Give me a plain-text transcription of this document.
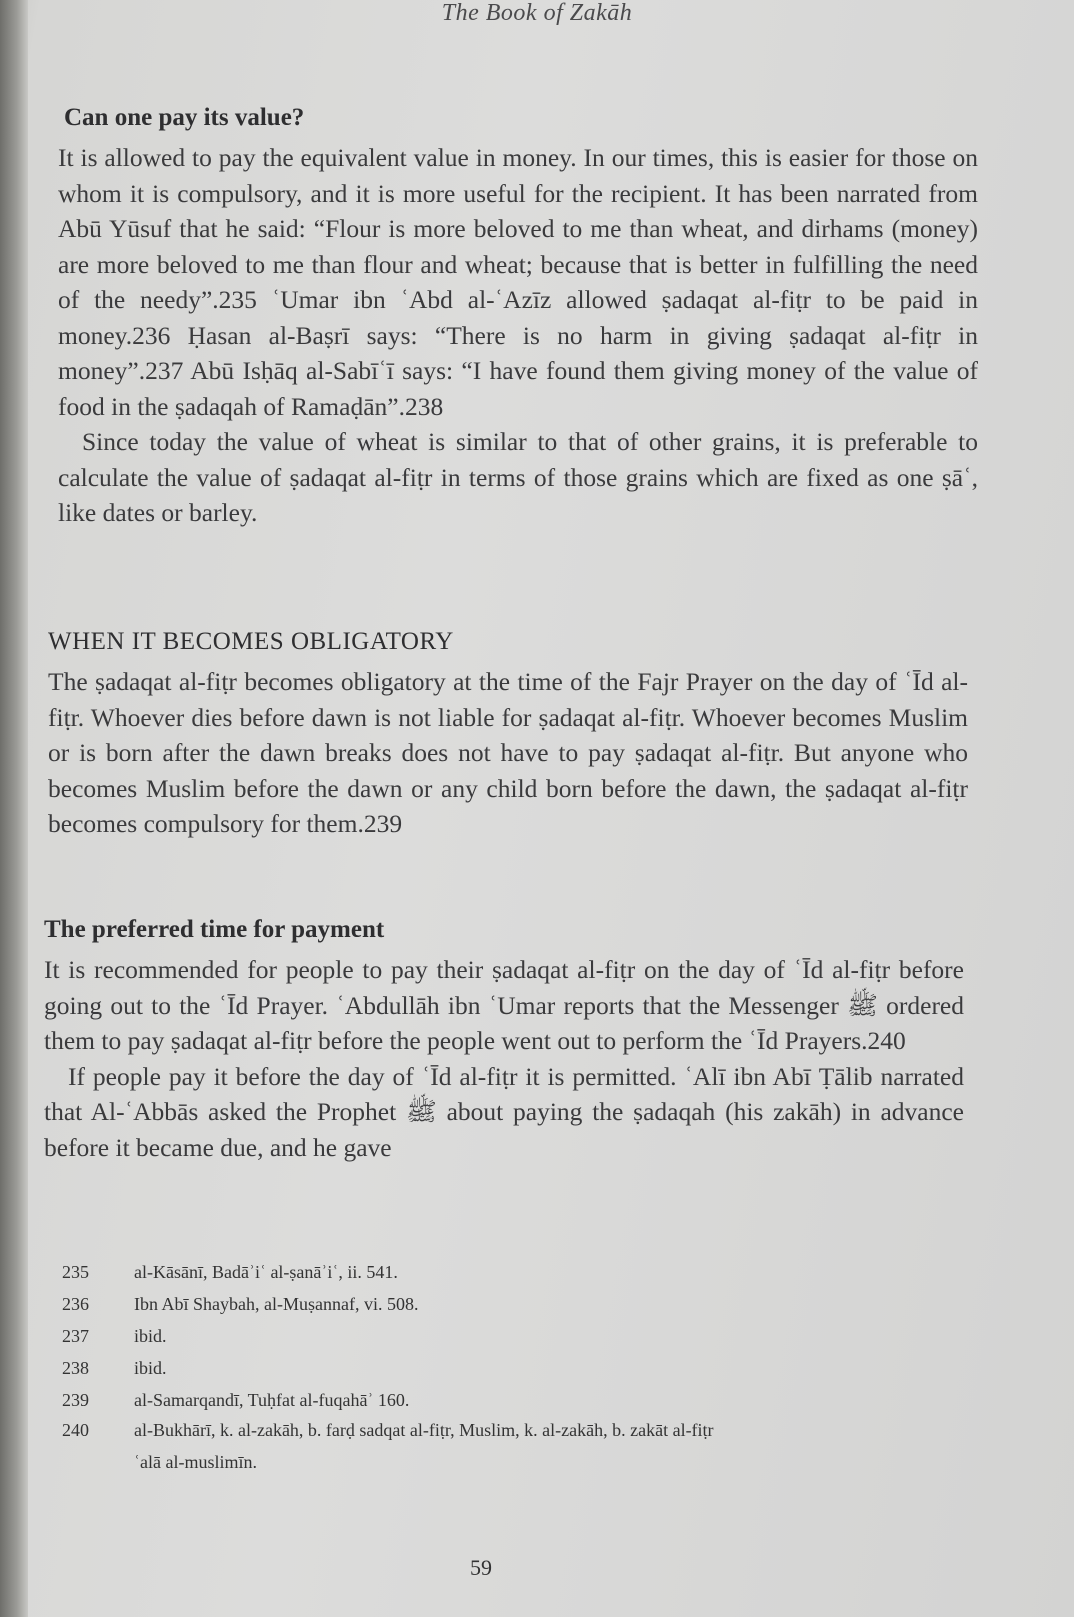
The Book of Zakāh
Can one pay its value?

It is allowed to pay the equivalent value in money. In our times, this is easier for those on whom it is compulsory, and it is more useful for the recipient. It has been narrated from Abū Yūsuf that he said: “Flour is more beloved to me than wheat, and dirhams (money) are more beloved to me than flour and wheat; because that is better in fulfilling the need of the needy”.235 ʿUmar ibn ʿAbd al-ʿAzīz allowed ṣadaqat al-fiṭr to be paid in money.236 Ḥasan al-Baṣrī says: “There is no harm in giving ṣadaqat al-fiṭr in money”.237 Abū Isḥāq al-Sabīʿī says: “I have found them giving money of the value of food in the ṣadaqah of Ramaḍān”.238

Since today the value of wheat is similar to that of other grains, it is preferable to calculate the value of ṣadaqat al-fiṭr in terms of those grains which are fixed as one ṣāʿ, like dates or barley.

WHEN IT BECOMES OBLIGATORY

The ṣadaqat al-fiṭr becomes obligatory at the time of the Fajr Prayer on the day of ʿĪd al-fiṭr. Whoever dies before dawn is not liable for ṣadaqat al-fiṭr. Whoever becomes Muslim or is born after the dawn breaks does not have to pay ṣadaqat al-fiṭr. But anyone who becomes Muslim before the dawn or any child born before the dawn, the ṣadaqat al-fiṭr becomes compulsory for them.239

The preferred time for payment

It is recommended for people to pay their ṣadaqat al-fiṭr on the day of ʿĪd al-fiṭr before going out to the ʿĪd Prayer. ʿAbdullāh ibn ʿUmar reports that the Messenger ﷺ ordered them to pay ṣadaqat al-fiṭr before the people went out to perform the ʿĪd Prayers.240

If people pay it before the day of ʿĪd al-fiṭr it is permitted. ʿAlī ibn Abī Ṭālib narrated that Al-ʿAbbās asked the Prophet ﷺ about paying the ṣadaqah (his zakāh) in advance before it became due, and he gave

235	al-Kāsānī, Badāʾiʿ al-ṣanāʾiʿ, ii. 541.
236	Ibn Abī Shaybah, al-Muṣannaf, vi. 508.
237	ibid.
238	ibid.
239	al-Samarqandī, Tuḥfat al-fuqahāʾ 160.
240	al-Bukhārī, k. al-zakāh, b. farḍ sadqat al-fiṭr, Muslim, k. al-zakāh, b. zakāt al-fiṭr
ʿalā al-muslimīn.
59
